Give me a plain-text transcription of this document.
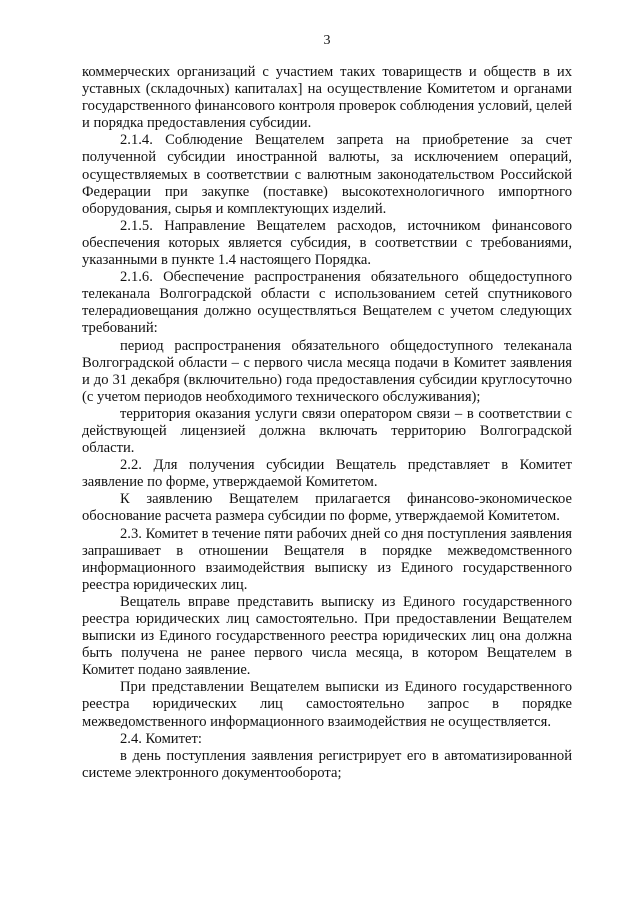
3

коммерческих организаций с участием таких товариществ и обществ в их уставных (складочных) капиталах] на осуществление Комитетом и органами государственного финансового контроля проверок соблюдения условий, целей и порядка предоставления субсидии.

2.1.4. Соблюдение Вещателем запрета на приобретение за счет полученной субсидии иностранной валюты, за исключением операций, осуществляемых в соответствии с валютным законодательством Российской Федерации при закупке (поставке) высокотехнологичного импортного оборудования, сырья и комплектующих изделий.

2.1.5. Направление Вещателем расходов, источником финансового обеспечения которых является субсидия, в соответствии с требованиями, указанными в пункте 1.4 настоящего Порядка.

2.1.6. Обеспечение распространения обязательного общедоступного телеканала Волгоградской области с использованием сетей спутникового телерадиовещания должно осуществляться Вещателем с учетом следующих требований:

период распространения обязательного общедоступного телеканала Волгоградской области – с первого числа месяца подачи в Комитет заявления и до 31 декабря (включительно) года предоставления субсидии круглосуточно (с учетом периодов необходимого технического обслуживания);

территория оказания услуги связи оператором связи – в соответствии с действующей лицензией должна включать территорию Волгоградской области.

2.2. Для получения субсидии Вещатель представляет в Комитет заявление по форме, утверждаемой Комитетом.

К заявлению Вещателем прилагается финансово-экономическое обоснование расчета размера субсидии по форме, утверждаемой Комитетом.

2.3. Комитет в течение пяти рабочих дней со дня поступления заявления запрашивает в отношении Вещателя в порядке межведомственного информационного взаимодействия выписку из Единого государственного реестра юридических лиц.

Вещатель вправе представить выписку из Единого государственного реестра юридических лиц самостоятельно. При предоставлении Вещателем выписки из Единого государственного реестра юридических лиц она должна быть получена не ранее первого числа месяца, в котором Вещателем в Комитет подано заявление.

При представлении Вещателем выписки из Единого государственного реестра юридических лиц самостоятельно запрос в порядке межведомственного информационного взаимодействия не осуществляется.

2.4. Комитет:

в день поступления заявления регистрирует его в автоматизированной системе электронного документооборота;
